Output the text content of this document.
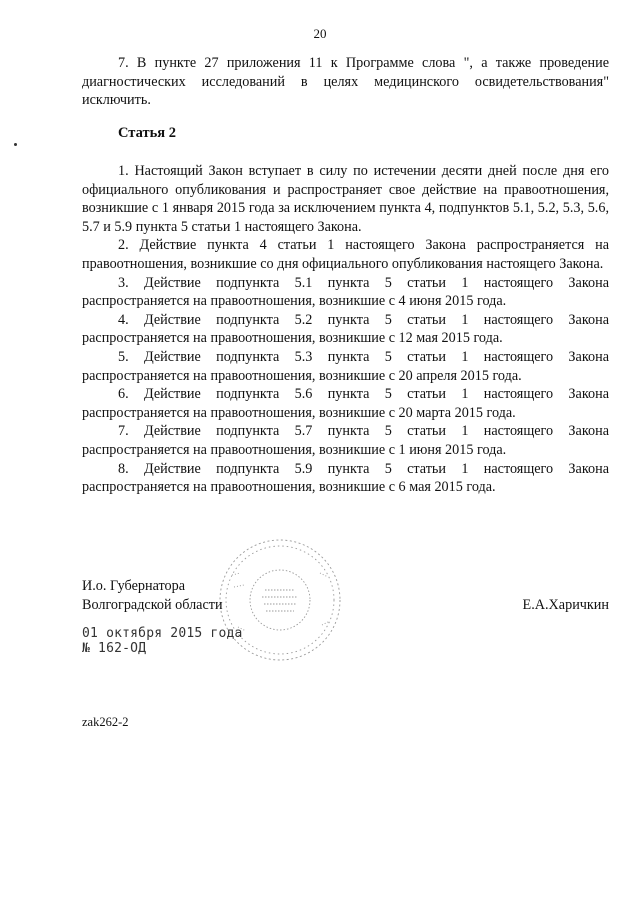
20

7. В пункте 27 приложения 11 к Программе слова ", а также проведение диагностических исследований в целях медицинского освидетельствования" исключить.

Статья 2

1. Настоящий Закон вступает в силу по истечении десяти дней после дня его официального опубликования и распространяет свое действие на правоотношения, возникшие с 1 января 2015 года за исключением пункта 4, подпунктов 5.1, 5.2, 5.3, 5.6, 5.7 и 5.9 пункта 5 статьи 1 настоящего Закона.

2. Действие пункта 4 статьи 1 настоящего Закона распространяется на правоотношения, возникшие со дня официального опубликования настоящего Закона.

3. Действие подпункта 5.1 пункта 5 статьи 1 настоящего Закона распространяется на правоотношения, возникшие с 4 июня 2015 года.

4. Действие подпункта 5.2 пункта 5 статьи 1 настоящего Закона распространяется на правоотношения, возникшие с 12 мая 2015 года.

5. Действие подпункта 5.3 пункта 5 статьи 1 настоящего Закона распространяется на правоотношения, возникшие с 20 апреля 2015 года.

6. Действие подпункта 5.6 пункта 5 статьи 1 настоящего Закона распространяется на правоотношения, возникшие с 20 марта 2015 года.

7. Действие подпункта 5.7 пункта 5 статьи 1 настоящего Закона распространяется на правоотношения, возникшие с 1 июня 2015 года.

8. Действие подпункта 5.9 пункта 5 статьи 1 настоящего Закона распространяется на правоотношения, возникшие с 6 мая 2015 года.

И.о. Губернатора
Волгоградской области	Е.А.Харичкин
01 октября 2015 года
№ 162-ОД
zak262-2
